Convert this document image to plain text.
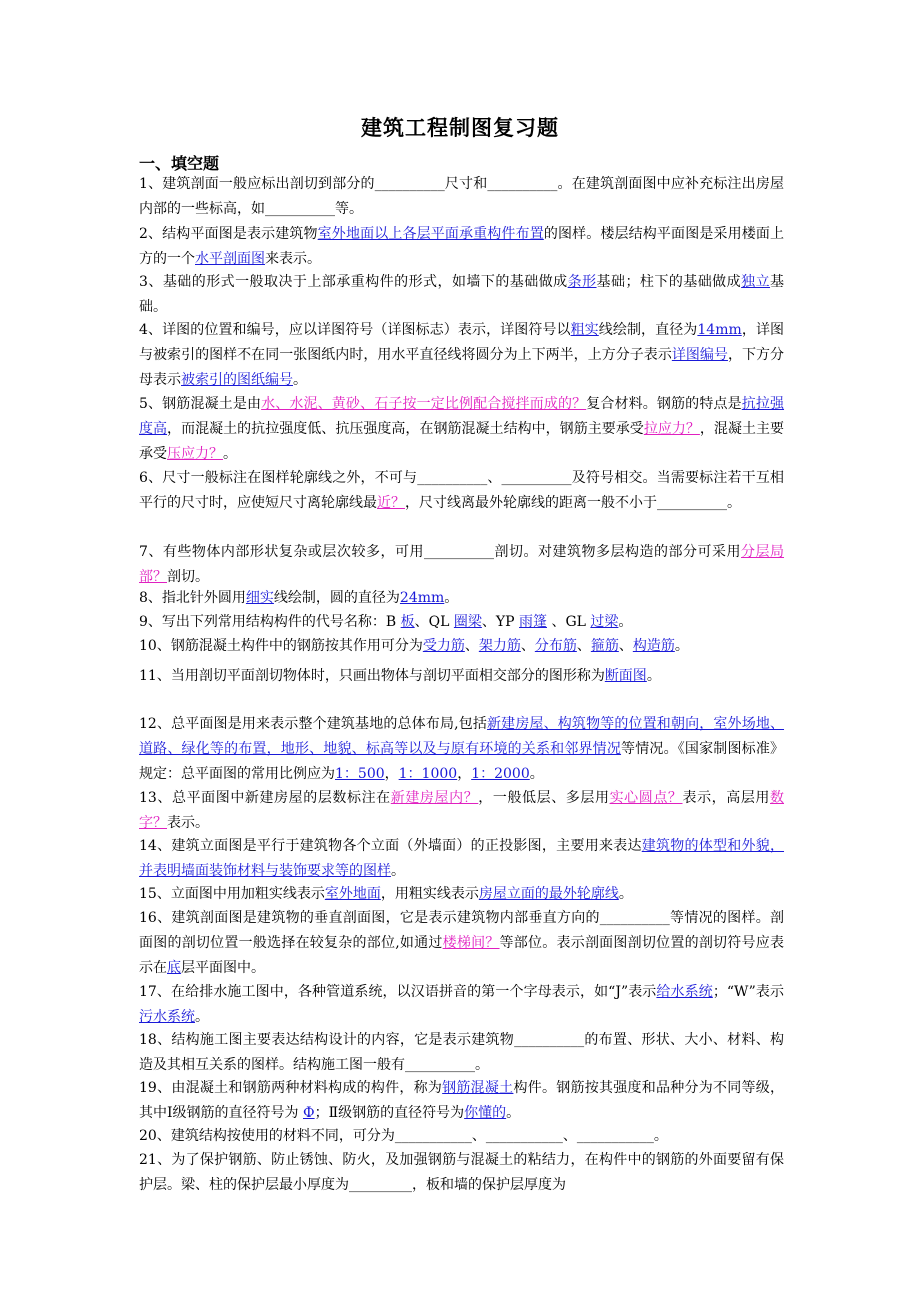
建筑工程制图复习题
一、填空题
1、建筑剖面一般应标出剖切到部分的__________尺寸和__________。在建筑剖面图中应补充标注出房屋内部的一些标高，如__________等。
2、结构平面图是表示建筑物室外地面以上各层平面承重构件布置的图样。楼层结构平面图是采用楼面上方的一个水平剖面图来表示。
3、基础的形式一般取决于上部承重构件的形式，如墙下的基础做成条形基础；柱下的基础做成独立基础。
4、详图的位置和编号，应以详图符号（详图标志）表示，详图符号以粗实线绘制，直径为14mm，详图与被索引的图样不在同一张图纸内时，用水平直径线将圆分为上下两半，上方分子表示详图编号，下方分母表示被索引的图纸编号。
5、钢筋混凝土是由水、水泥、黄砂、石子按一定比例配合搅拌而成的？复合材料。钢筋的特点是抗拉强度高，而混凝土的抗拉强度低、抗压强度高，在钢筋混凝土结构中，钢筋主要承受拉应力？，混凝土主要承受压应力？。
6、尺寸一般标注在图样轮廓线之外，不可与__________、__________及符号相交。当需要标注若干互相平行的尺寸时，应使短尺寸离轮廓线最近？，尺寸线离最外轮廓线的距离一般不小于__________。
7、有些物体内部形状复杂或层次较多，可用__________剖切。对建筑物多层构造的部分可采用分层局部？剖切。
8、指北针外圆用细实线绘制，圆的直径为24mm。
9、写出下列常用结构构件的代号名称：B 板、QL 圈梁、YP 雨篷 、GL 过梁。
10、钢筋混凝土构件中的钢筋按其作用可分为受力筋、架力筋、分布筋、箍筋、构造筋。
11、当用剖切平面剖切物体时，只画出物体与剖切平面相交部分的图形称为断面图。
12、总平面图是用来表示整个建筑基地的总体布局,包括新建房屋、构筑物等的位置和朝向，室外场地、道路、绿化等的布置，地形、地貌、标高等以及与原有环境的关系和邻界情况等情况。《国家制图标准》规定：总平面图的常用比例应为1：500，1：1000，1：2000。
13、总平面图中新建房屋的层数标注在新建房屋内？，一般低层、多层用实心圆点？表示，高层用数字？表示。
14、建筑立面图是平行于建筑物各个立面（外墙面）的正投影图，主要用来表达建筑物的体型和外貌，并表明墙面装饰材料与装饰要求等的图样。
15、立面图中用加粗实线表示室外地面，用粗实线表示房屋立面的最外轮廓线。
16、建筑剖面图是建筑物的垂直剖面图，它是表示建筑物内部垂直方向的__________等情况的图样。剖面图的剖切位置一般选择在较复杂的部位,如通过楼梯间？等部位。表示剖面图剖切位置的剖切符号应表示在底层平面图中。
17、在给排水施工图中，各种管道系统，以汉语拼音的第一个字母表示，如“J”表示给水系统；“W”表示污水系统。
18、结构施工图主要表达结构设计的内容，它是表示建筑物__________的布置、形状、大小、材料、构造及其相互关系的图样。结构施工图一般有__________。
19、由混凝土和钢筋两种材料构成的构件，称为钢筋混凝土构件。钢筋按其强度和品种分为不同等级，其中Ⅰ级钢筋的直径符号为 Ф；Ⅱ级钢筋的直径符号为你懂的。
20、建筑结构按使用的材料不同，可分为___________、___________、___________。
21、为了保护钢筋、防止锈蚀、防火，及加强钢筋与混凝土的粘结力，在构件中的钢筋的外面要留有保护层。梁、柱的保护层最小厚度为_________，板和墙的保护层厚度为
